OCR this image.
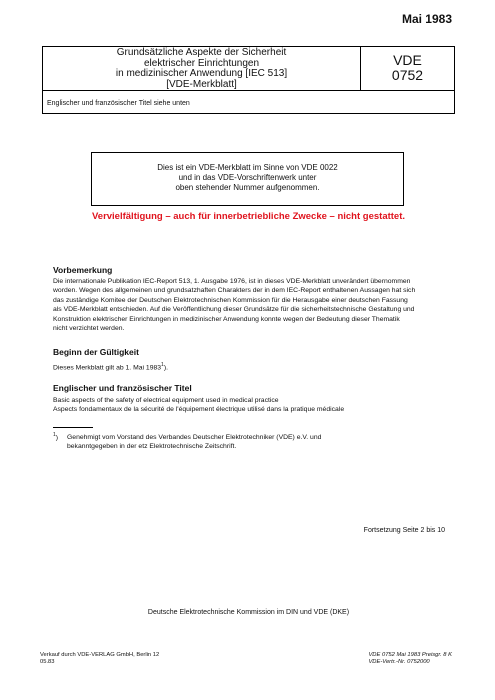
Mai 1983
Grundsätzliche Aspekte der Sicherheit
elektrischer Einrichtungen
in medizinischer Anwendung [IEC 513]
[VDE-Merkblatt]
VDE
0752
Englischer und französischer Titel siehe unten
Dies ist ein VDE-Merkblatt im Sinne von VDE 0022
und in das VDE-Vorschriftenwerk unter
oben stehender Nummer aufgenommen.
Vervielfältigung – auch für innerbetriebliche Zwecke – nicht gestattet.
Vorbemerkung
Die internationale Publikation IEC-Report 513, 1. Ausgabe 1976, ist in dieses VDE-Merkblatt unverändert übernommen
worden. Wegen des allgemeinen und grundsatzhaften Charakters der in dem IEC-Report enthaltenen Aussagen hat sich
das zuständige Komitee der Deutschen Elektrotechnischen Kommission für die Herausgabe einer deutschen Fassung
als VDE-Merkblatt entschieden. Auf die Veröffentlichung dieser Grundsätze für die sicherheitstechnische Gestaltung und
Konstruktion elektrischer Einrichtungen in medizinischer Anwendung konnte wegen der Bedeutung dieser Thematik
nicht verzichtet werden.
Beginn der Gültigkeit
Dieses Merkblatt gilt ab 1. Mai 1983$^1$).
Englischer und französischer Titel
Basic aspects of the safety of electrical equipment used in medical practice
Aspects fondamentaux de la sécurité de l'équipement électrique utilisé dans la pratique médicale
$^1$) Genehmigt vom Vorstand des Verbandes Deutscher Elektrotechniker (VDE) e.V. und
bekanntgegeben in der etz Elektrotechnische Zeitschrift.
Fortsetzung Seite 2 bis 10
Deutsche Elektrotechnische Kommission im DIN und VDE (DKE)
Verkauf durch VDE-VERLAG GmbH, Berlin 12
05.83
VDE 0752 Mai 1983 Preisgr. 8 K
VDE-Vertr.-Nr. 0752000
